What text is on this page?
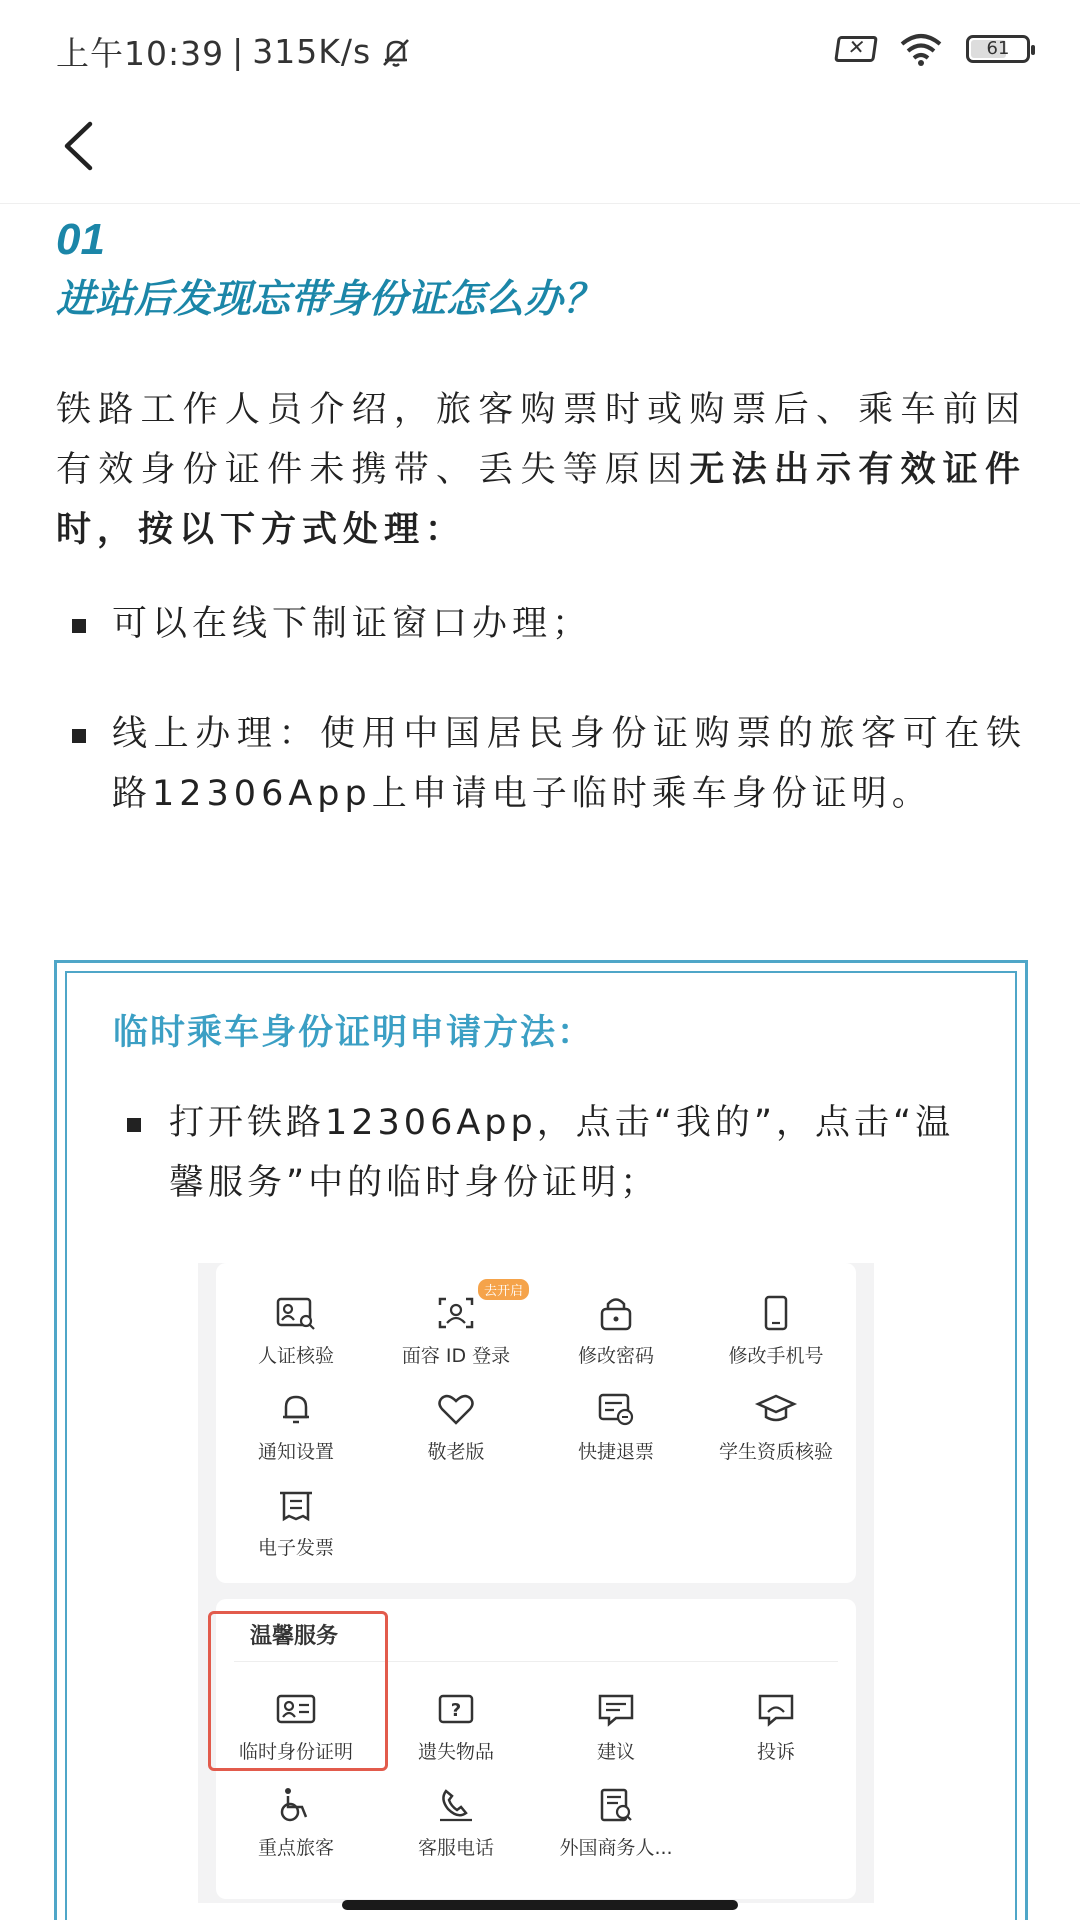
上午10:39 | 315K/s
✕	61
01
进站后发现忘带身份证怎么办？

铁路工作人员介绍，旅客购票时或购票后、乘车前因有效身份证件未携带、丢失等原因无法出示有效证件时，按以下方式处理：

可以在线下制证窗口办理；
线上办理：使用中国居民身份证购票的旅客可在铁路12306App上申请电子临时乘车身份证明。
临时乘车身份证明申请方法：
打开铁路12306App，点击“我的”，点击“温馨服务”中的临时身份证明；
去开启
人证核验	面容 ID 登录	修改密码	修改手机号
通知设置	敬老版	快捷退票	学生资质核验
电子发票
温馨服务
临时身份证明
?
遗失物品	建议	投诉
重点旅客	客服电话	外国商务人...
